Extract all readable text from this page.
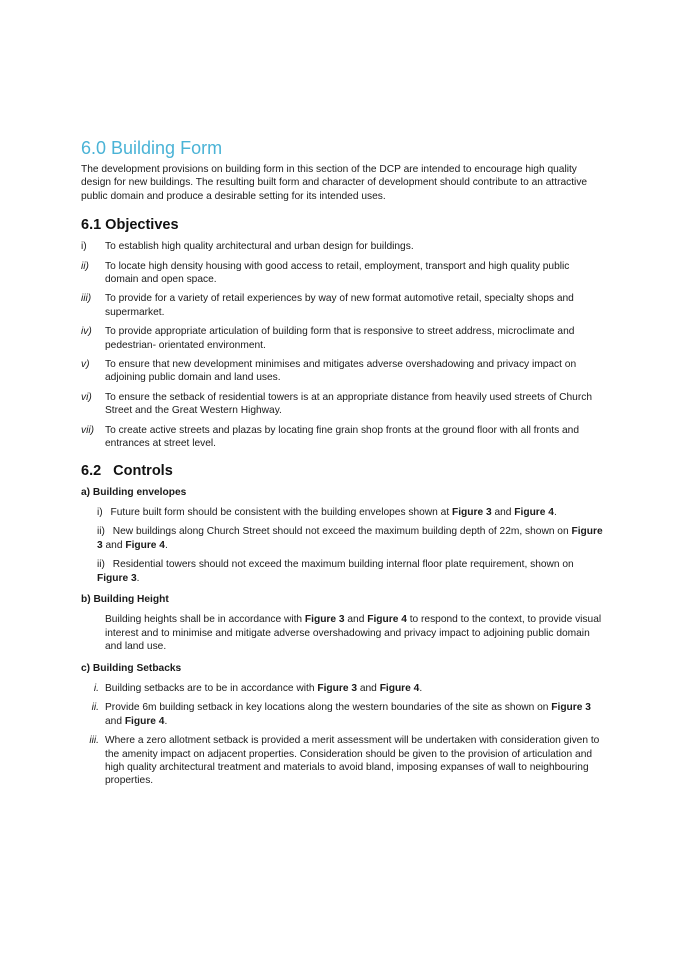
6.0 Building Form

The development provisions on building form in this section of the DCP are intended to encourage high quality design for new buildings. The resulting built form and character of development should contribute to an attractive public domain and produce a desirable setting for its intended uses.

6.1 Objectives
i)	To establish high quality architectural and urban design for buildings.
ii)	To locate high density housing with good access to retail, employment, transport and high quality public domain and open space.
iii)	To provide for a variety of retail experiences by way of new format automotive retail, specialty shops and supermarket.
iv)	To provide appropriate articulation of building form that is responsive to street address, microclimate and pedestrian- orientated environment.
v)	To ensure that new development minimises and mitigates adverse overshadowing and privacy impact on adjoining public domain and land uses.
vi)	To ensure the setback of residential towers is at an appropriate distance from heavily used streets of Church Street and the Great Western Highway.
vii)	To create active streets and plazas by locating fine grain shop fronts at the ground floor with all fronts and entrances at street level.
6.2 Controls
a) Building envelopes
i) Future built form should be consistent with the building envelopes shown at Figure 3 and Figure 4.
ii) New buildings along Church Street should not exceed the maximum building depth of 22m, shown on Figure 3 and Figure 4.
ii) Residential towers should not exceed the maximum building internal floor plate requirement, shown on Figure 3.
b) Building Height
Building heights shall be in accordance with Figure 3 and Figure 4 to respond to the context, to provide visual interest and to minimise and mitigate adverse overshadowing and privacy impact to adjoining public domain and land use.
c) Building Setbacks
i. Building setbacks are to be in accordance with Figure 3 and Figure 4.
ii. Provide 6m building setback in key locations along the western boundaries of the site as shown on Figure 3 and Figure 4.
iii. Where a zero allotment setback is provided a merit assessment will be undertaken with consideration given to the amenity impact on adjacent properties. Consideration should be given to the provision of articulation and high quality architectural treatment and materials to avoid bland, imposing expanses of wall to neighbouring properties.
